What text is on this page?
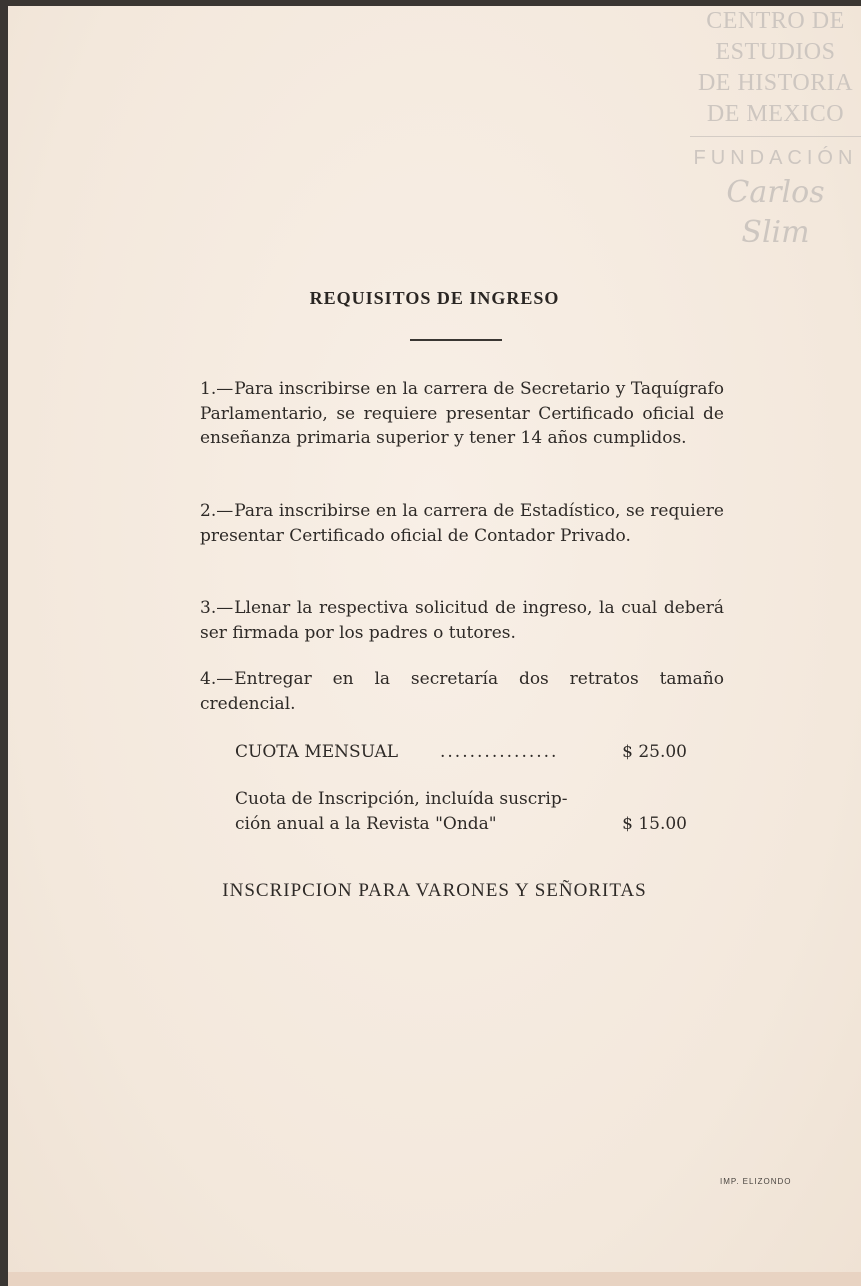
CENTRO DE
ESTUDIOS
DE HISTORIA
DE MEXICO
FUNDACIÓN
Carlos Slim
REQUISITOS DE INGRESO
1.—Para inscribirse en la carrera de Secretario y Taquígrafo Parlamentario, se requiere presentar Certificado oficial de enseñanza primaria superior y tener 14 años cumplidos.
2.—Para inscribirse en la carrera de Estadístico, se requiere presentar Certificado oficial de Contador Privado.
3.—Llenar la respectiva solicitud de ingreso, la cual deberá ser firmada por los padres o tutores.
4.—Entregar en la secretaría dos retratos tamaño credencial.
CUOTA MENSUAL ................	$ 25.00
Cuota de Inscripción, incluída suscrip-
ción anual a la Revista "Onda"	$ 15.00
INSCRIPCION PARA VARONES Y SEÑORITAS
IMP. ELIZONDO
